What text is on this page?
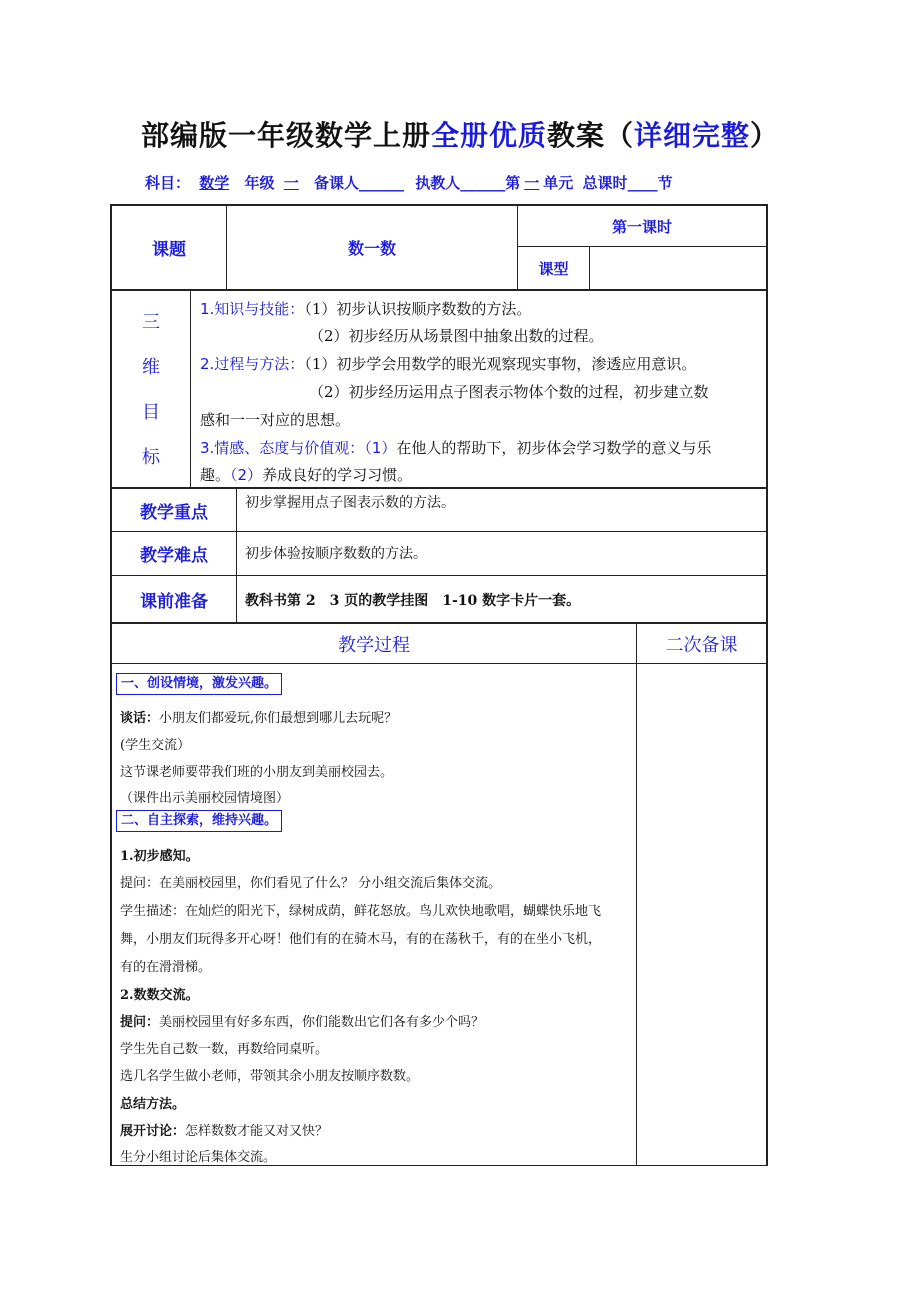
部编版一年级数学上册全册优质教案（详细完整）
科目： 数学 年级 一 备课人______ 执教人______第 一 单元 总课时____节
课题	数一数
第一课时
课型
三
维
目
标
1.知识与技能：（1）初步认识按顺序数数的方法。
（2）初步经历从场景图中抽象出数的过程。
2.过程与方法：（1）初步学会用数学的眼光观察现实事物，渗透应用意识。
（2）初步经历运用点子图表示物体个数的过程，初步建立数
感和一一对应的思想。
3.情感、态度与价值观：（1）在他人的帮助下，初步体会学习数学的意义与乐
趣。（2）养成良好的学习习惯。
教学重点	初步掌握用点子图表示数的方法。
教学难点	初步体验按顺序数数的方法。
课前准备	教科书第 2　3 页的教学挂图　1-10 数字卡片一套。
教学过程	二次备课
一、创设情境，激发兴趣。
谈话：小朋友们都爱玩,你们最想到哪儿去玩呢？
(学生交流）
这节课老师要带我们班的小朋友到美丽校园去。
（课件出示美丽校园情境图）
二、自主探索，维持兴趣。
1.初步感知。
提问：在美丽校园里，你们看见了什么？ 分小组交流后集体交流。
学生描述：在灿烂的阳光下，绿树成荫，鲜花怒放。鸟儿欢快地歌唱，蝴蝶快乐地飞
舞，小朋友们玩得多开心呀！他们有的在骑木马，有的在荡秋千，有的在坐小飞机，
有的在滑滑梯。
2.数数交流。
提问：美丽校园里有好多东西，你们能数出它们各有多少个吗？
学生先自己数一数，再数给同桌听。
选几名学生做小老师，带领其余小朋友按顺序数数。
总结方法。
展开讨论：怎样数数才能又对又快？
生分小组讨论后集体交流。
